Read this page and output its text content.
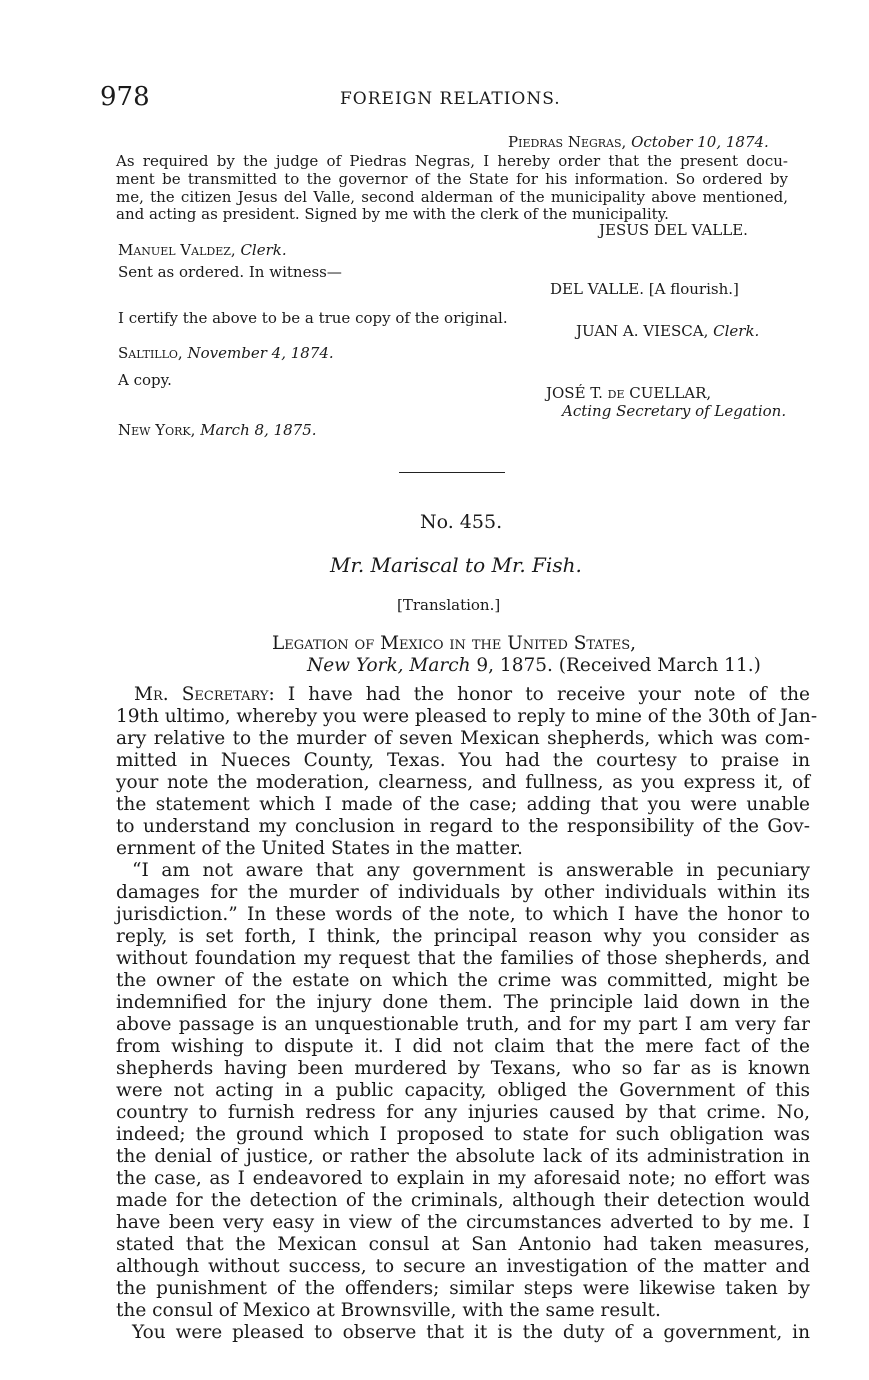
978	FOREIGN RELATIONS.
Piedras Negras, October 10, 1874.
As required by the judge of Piedras Negras, I hereby order that the present docu-
ment be transmitted to the governor of the State for his information. So ordered by
me, the citizen Jesus del Valle, second alderman of the municipality above mentioned,
and acting as president. Signed by me with the clerk of the municipality.
JESUS DEL VALLE.
Manuel Valdez, Clerk.
Sent as ordered. In witness—
DEL VALLE. [A flourish.]
I certify the above to be a true copy of the original.
JUAN A. VIESCA, Clerk.
Saltillo, November 4, 1874.
A copy.
JOSÉ T. de CUELLAR,
Acting Secretary of Legation.
New York, March 8, 1875.
No. 455.
Mr. Mariscal to Mr. Fish.
[Translation.]
Legation of Mexico in the United States,
New York, March 9, 1875. (Received March 11.)
Mr. Secretary: I have had the honor to receive your note of the
19th ultimo, whereby you were pleased to reply to mine of the 30th of Jan-
ary relative to the murder of seven Mexican shepherds, which was com-
mitted in Nueces County, Texas. You had the courtesy to praise in
your note the moderation, clearness, and fullness, as you express it, of
the statement which I made of the case; adding that you were unable
to understand my conclusion in regard to the responsibility of the Gov-
ernment of the United States in the matter.
“I am not aware that any government is answerable in pecuniary
damages for the murder of individuals by other individuals within its
jurisdiction.” In these words of the note, to which I have the honor to
reply, is set forth, I think, the principal reason why you consider as
without foundation my request that the families of those shepherds, and
the owner of the estate on which the crime was committed, might be
indemnified for the injury done them. The principle laid down in the
above passage is an unquestionable truth, and for my part I am very far
from wishing to dispute it. I did not claim that the mere fact of the
shepherds having been murdered by Texans, who so far as is known
were not acting in a public capacity, obliged the Government of this
country to furnish redress for any injuries caused by that crime. No,
indeed; the ground which I proposed to state for such obligation was
the denial of justice, or rather the absolute lack of its administration in
the case, as I endeavored to explain in my aforesaid note; no effort was
made for the detection of the criminals, although their detection would
have been very easy in view of the circumstances adverted to by me. I
stated that the Mexican consul at San Antonio had taken measures,
although without success, to secure an investigation of the matter and
the punishment of the offenders; similar steps were likewise taken by
the consul of Mexico at Brownsville, with the same result.
You were pleased to observe that it is the duty of a government, in
